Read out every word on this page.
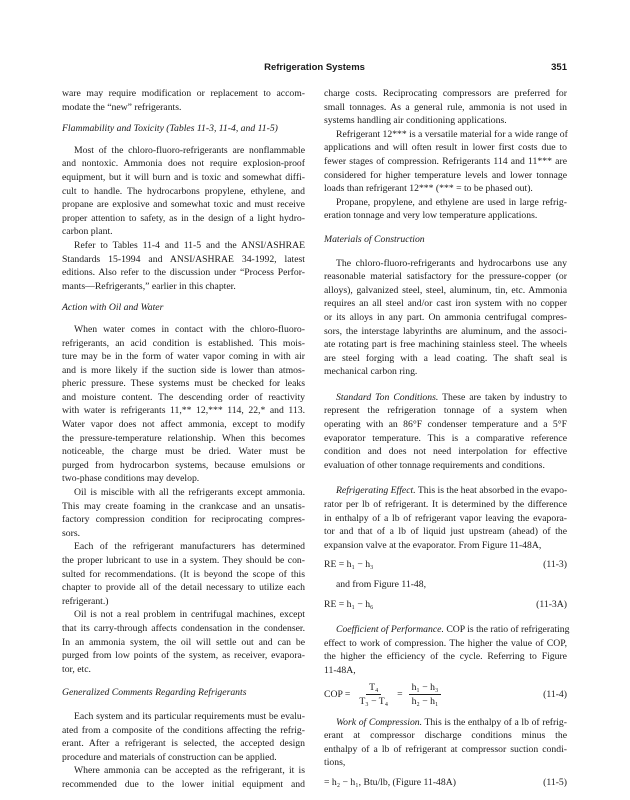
Refrigeration Systems	351
ware may require modification or replacement to accom-
modate the “new” refrigerants.
Flammability and Toxicity (Tables 11-3, 11-4, and 11-5)
Most of the chloro-fluoro-refrigerants are nonflammable
and nontoxic. Ammonia does not require explosion-proof
equipment, but it will burn and is toxic and somewhat diffi-
cult to handle. The hydrocarbons propylene, ethylene, and
propane are explosive and somewhat toxic and must receive
proper attention to safety, as in the design of a light hydro-
carbon plant.
Refer to Tables 11-4 and 11-5 and the ANSI/ASHRAE
Standards 15-1994 and ANSI/ASHRAE 34-1992, latest
editions. Also refer to the discussion under “Process Perfor-
mants—Refrigerants,” earlier in this chapter.
Action with Oil and Water
When water comes in contact with the chloro-fluoro-
refrigerants, an acid condition is established. This mois-
ture may be in the form of water vapor coming in with air
and is more likely if the suction side is lower than atmos-
pheric pressure. These systems must be checked for leaks
and moisture content. The descending order of reactivity
with water is refrigerants 11,** 12,*** 114, 22,* and 113.
Water vapor does not affect ammonia, except to modify
the pressure-temperature relationship. When this becomes
noticeable, the charge must be dried. Water must be
purged from hydrocarbon systems, because emulsions or
two-phase conditions may develop.
Oil is miscible with all the refrigerants except ammonia.
This may create foaming in the crankcase and an unsatis-
factory compression condition for reciprocating compres-
sors.
Each of the refrigerant manufacturers has determined
the proper lubricant to use in a system. They should be con-
sulted for recommendations. (It is beyond the scope of this
chapter to provide all of the detail necessary to utilize each
refrigerant.)
Oil is not a real problem in centrifugal machines, except
that its carry-through affects condensation in the condenser.
In an ammonia system, the oil will settle out and can be
purged from low points of the system, as receiver, evapora-
tor, etc.
Generalized Comments Regarding Refrigerants
Each system and its particular requirements must be evalu-
ated from a composite of the conditions affecting the refrig-
erant. After a refrigerant is selected, the accepted design
procedure and materials of construction can be applied.
Where ammonia can be accepted as the refrigerant, it is
recommended due to the lower initial equipment and
charge costs. Reciprocating compressors are preferred for
small tonnages. As a general rule, ammonia is not used in
systems handling air conditioning applications.
Refrigerant 12*** is a versatile material for a wide range of
applications and will often result in lower first costs due to
fewer stages of compression. Refrigerants 114 and 11*** are
considered for higher temperature levels and lower tonnage
loads than refrigerant 12*** (*** = to be phased out).
Propane, propylene, and ethylene are used in large refrig-
eration tonnage and very low temperature applications.
Materials of Construction
The chloro-fluoro-refrigerants and hydrocarbons use any
reasonable material satisfactory for the pressure-copper (or
alloys), galvanized steel, steel, aluminum, tin, etc. Ammonia
requires an all steel and/or cast iron system with no copper
or its alloys in any part. On ammonia centrifugal compres-
sors, the interstage labyrinths are aluminum, and the associ-
ate rotating part is free machining stainless steel. The wheels
are steel forging with a lead coating. The shaft seal is
mechanical carbon ring.
Standard Ton Conditions. These are taken by industry to
represent the refrigeration tonnage of a system when
operating with an 86°F condenser temperature and a 5°F
evaporator temperature. This is a comparative reference
condition and does not need interpolation for effective
evaluation of other tonnage requirements and conditions.
Refrigerating Effect. This is the heat absorbed in the evapo-
rator per lb of refrigerant. It is determined by the difference
in enthalpy of a lb of refrigerant vapor leaving the evapora-
tor and that of a lb of liquid just upstream (ahead) of the
expansion valve at the evaporator. From Figure 11-48A,
RE = h₁ − h₃	(11-3)
and from Figure 11-48,
RE = h₁ − h₆	(11-3A)
Coefficient of Performance. COP is the ratio of refrigerating
effect to work of compression. The higher the value of COP,
the higher the efficiency of the cycle. Referring to Figure
11-48A,
COP = $\frac{\text{T₄}}{\text{T₃ − T₄}} = \frac{\text{h₁ − h₃}}{\text{h₂ − h₁}}$	(11-4)
Work of Compression. This is the enthalpy of a lb of refrig-
erant at compressor discharge conditions minus the
enthalpy of a lb of refrigerant at compressor suction condi-
tions,
= h₂ − h₁, Btu/lb, (Figure 11-48A)	(11-5)
